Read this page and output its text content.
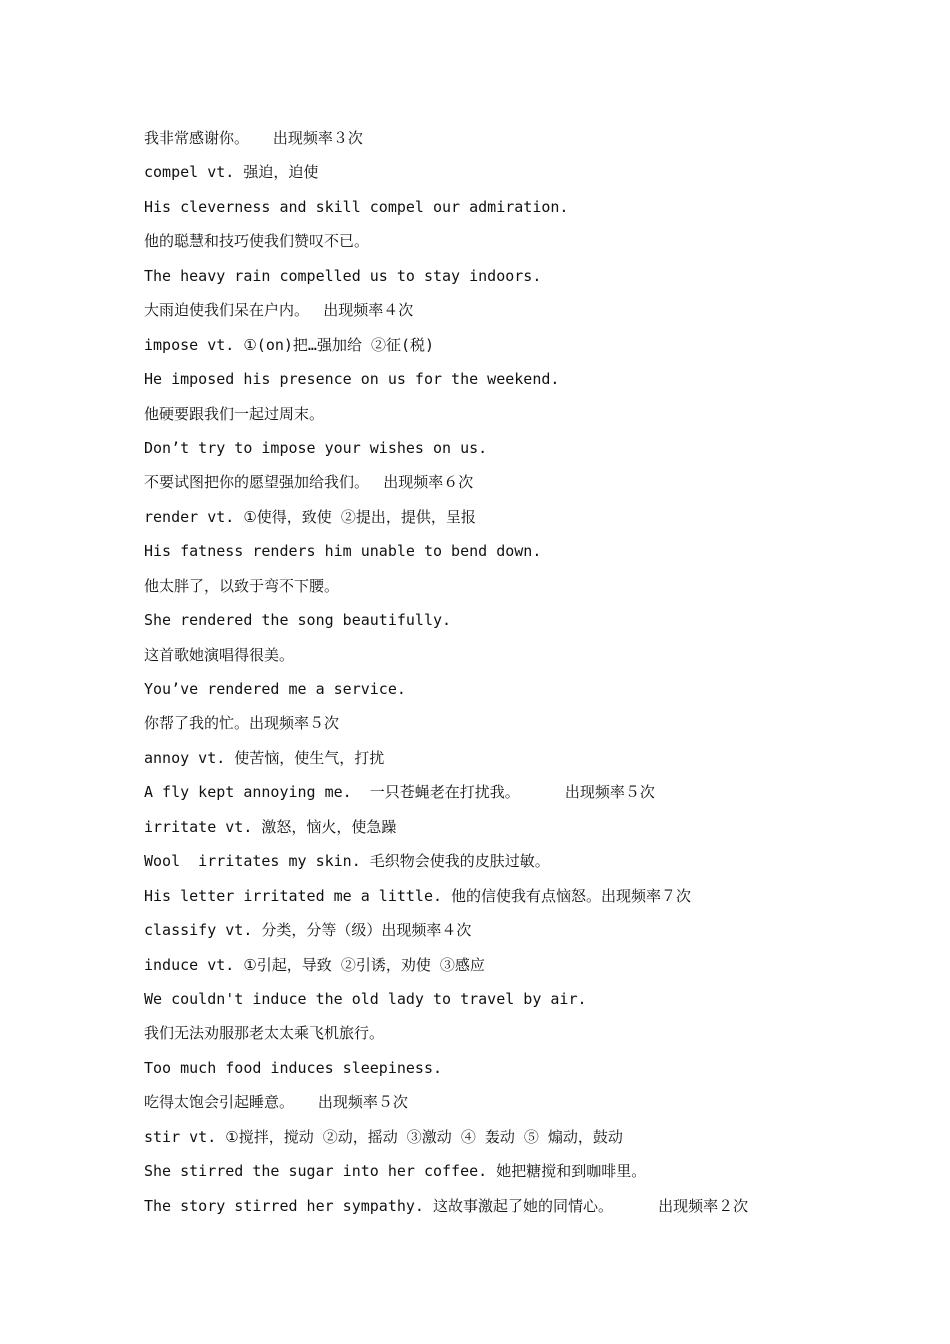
我非常感谢你。     出现频率３次
compel vt. 强迫，迫使
His cleverness and skill compel our admiration.
他的聪慧和技巧使我们赞叹不已。
The heavy rain compelled us to stay indoors.
大雨迫使我们呆在户内。   出现频率４次
impose vt. ①(on)把…强加给 ②征(税)
He imposed his presence on us for the weekend.
他硬要跟我们一起过周末。
Don’t try to impose your wishes on us.
不要试图把你的愿望强加给我们。   出现频率６次
render vt. ①使得，致使 ②提出，提供，呈报
His fatness renders him unable to bend down.
他太胖了，以致于弯不下腰。
She rendered the song beautifully.
这首歌她演唱得很美。
You’ve rendered me a service.
你帮了我的忙。出现频率５次
annoy vt. 使苦恼，使生气，打扰
A fly kept annoying me.  一只苍蝇老在打扰我。     出现频率５次
irritate vt. 激怒，恼火，使急躁
Wool  irritates my skin. 毛织物会使我的皮肤过敏。
His letter irritated me a little. 他的信使我有点恼怒。出现频率７次
classify vt. 分类，分等（级）出现频率４次
induce vt. ①引起，导致 ②引诱，劝使 ③感应
We couldn't induce the old lady to travel by air.
我们无法劝服那老太太乘飞机旅行。
Too much food induces sleepiness.
吃得太饱会引起睡意。     出现频率５次
stir vt. ①搅拌，搅动 ②动，摇动 ③激动 ④ 轰动 ⑤ 煽动，鼓动
She stirred the sugar into her coffee. 她把糖搅和到咖啡里。
The story stirred her sympathy. 这故事激起了她的同情心。     出现频率２次
